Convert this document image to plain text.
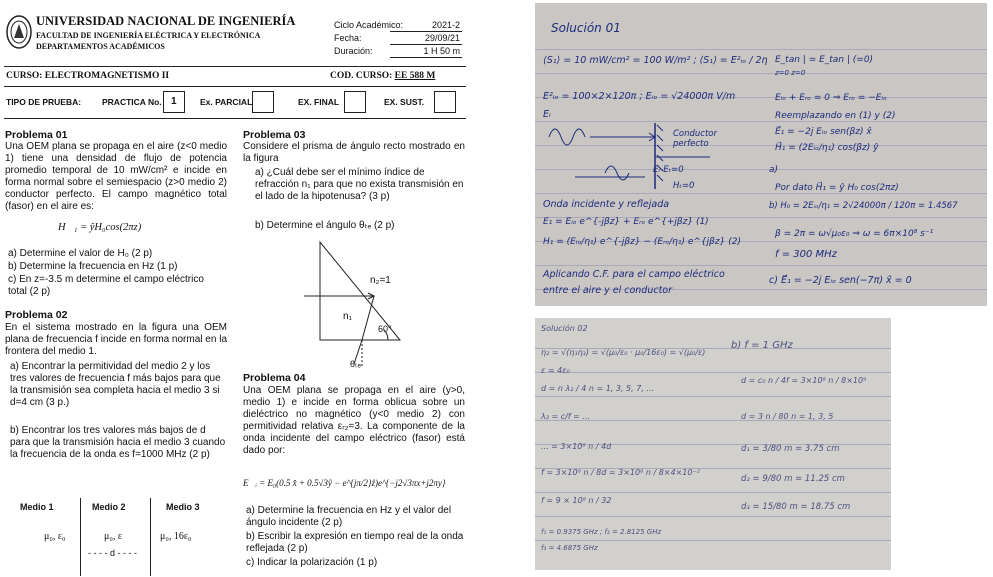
UNIVERSIDAD NACIONAL DE INGENIERÍA
FACULTAD DE INGENIERÍA ELÉCTRICA Y ELECTRÓNICA
DEPARTAMENTOS ACADÉMICOS
Ciclo Académico:	2021-2
Fecha:	29/09/21
Duración:	1 H 50 m
CURSO: ELECTROMAGNETISMO II	COD. CURSO: EE 588 M
TIPO DE PRUEBA: PRACTICA No. 1	Ex. PARCIAL	EX. FINAL	EX. SUST.
Problema 01
Una OEM plana se propaga en el aire (z<0 medio 1) tiene una densidad de flujo de potencia promedio temporal de 10 mW/cm² e incide en forma normal sobre el semiespacio (z>0 medio 2) conductor perfecto. El campo magnético total (fasor) en el aire es:
H⃗₁ = ŷH₀cos(2πz)
a) Determine el valor de H₀ (2 p)
b) Determine la frecuencia en Hz (1 p)
c) En z=-3.5 m determine el campo eléctrico total (2 p)
Problema 02
En el sistema mostrado en la figura una OEM plana de frecuencia f incide en forma normal en la frontera del medio 1.
a) Encontrar la permitividad del medio 2 y los tres valores de frecuencia f más bajos para que la transmisión sea completa hacia el medio 3 si d=4 cm (3 p.)
b) Encontrar los tres valores más bajos de d para que la transmisión hacia el medio 3 cuando la frecuencia de la onda es f=1000 MHz (2 p)
Medio 1	Medio 2	Medio 3
μ₀, ε₀	μ₀, ε	μ₀, 16ε₀
- - - - d - - - -
Problema 03
Considere el prisma de ángulo recto mostrado en la figura
a) ¿Cuál debe ser el mínimo índice de refracción n₁ para que no exista transmisión en el lado de la hipotenusa? (3 p)
b) Determine el ángulo θₜₑ (2 p)
n₂=1
n₁
60°
θₜₑ
Problema 04
Una OEM plana se propaga en el aire (y>0, medio 1) e incide en forma oblicua sobre un dieléctrico no magnético (y<0 medio 2) con permitividad relativa εᵣ₂=3. La componente de la onda incidente del campo eléctrico (fasor) está dado por:
E⃗ᵢ = E₀(0.5 x̂ + 0.5√3ŷ − e^{jπ/2}ẑ)e^{−j2√3πx+j2πy}
a) Determine la frecuencia en Hz y el valor del ángulo incidente (2 p)
b) Escribir la expresión en tiempo real de la onda reflejada (2 p)
c) Indicar la polarización (1 p)
Solución 01
⟨S₁⟩ = 10 mW/cm² = 100 W/m² ; ⟨S₁⟩ = E²ᵢₒ / 2η
E²ᵢₒ = 100×2×120π ; Eᵢₒ = √24000π V/m
Eᵢ
Conductor perfecto
Eᵣ Eₜ=0
Hₜ=0
Onda incidente y reflejada
E₁ = Eᵢₒ e^{-jβz} + Eᵣₒ e^{+jβz} (1)
H₁ = (Eᵢₒ/η₁) e^{-jβz} − (Eᵣₒ/η₁) e^{jβz} (2)
Aplicando C.F. para el campo eléctrico
entre el aire y el conductor
E_tan | = E_tan | (=0)
z=0 z=0
Eᵢₒ + Eᵣₒ = 0 ⇒ Eᵣₒ = −Eᵢₒ
Reemplazando en (1) y (2)
E⃗₁ = −2j Eᵢₒ sen(βz) x̂
H⃗₁ = (2Eᵢₒ/η₁) cos(βz) ŷ
a)
Por dato H⃗₁ = ŷ H₀ cos(2πz)
b) H₀ = 2Eᵢₒ/η₁ = 2√24000π / 120π = 1.4567
β = 2π = ω√μ₀ε₀ ⇒ ω = 6π×10⁸ s⁻¹
f = 300 MHz
c) E⃗₁ = −2j Eᵢₒ sen(−7π) x̂ = 0
Solución 02
η₂ = √(η₁η₃) = √(μ₀/ε₀ · μ₀/16ε₀) = √(μ₀/ε)
ε = 4ε₀
d = n λ₂ / 4 n = 1, 3, 5, 7, ...
λ₂ = c/f = ...
... = 3×10⁸ n / 4d
f = 3×10⁸ n / 8d = 3×10⁸ n / 8×4×10⁻²
f = 9 × 10⁸ n / 32
f₁ = 0.9375 GHz ; f₂ = 2.8125 GHz
f₃ = 4.6875 GHz
b) f = 1 GHz
d = c₀ n / 4f = 3×10⁸ n / 8×10⁹
d = 3 n / 80 n = 1, 3, 5
d₁ = 3/80 m = 3.75 cm
d₂ = 9/80 m = 11.25 cm
d₃ = 15/80 m = 18.75 cm
